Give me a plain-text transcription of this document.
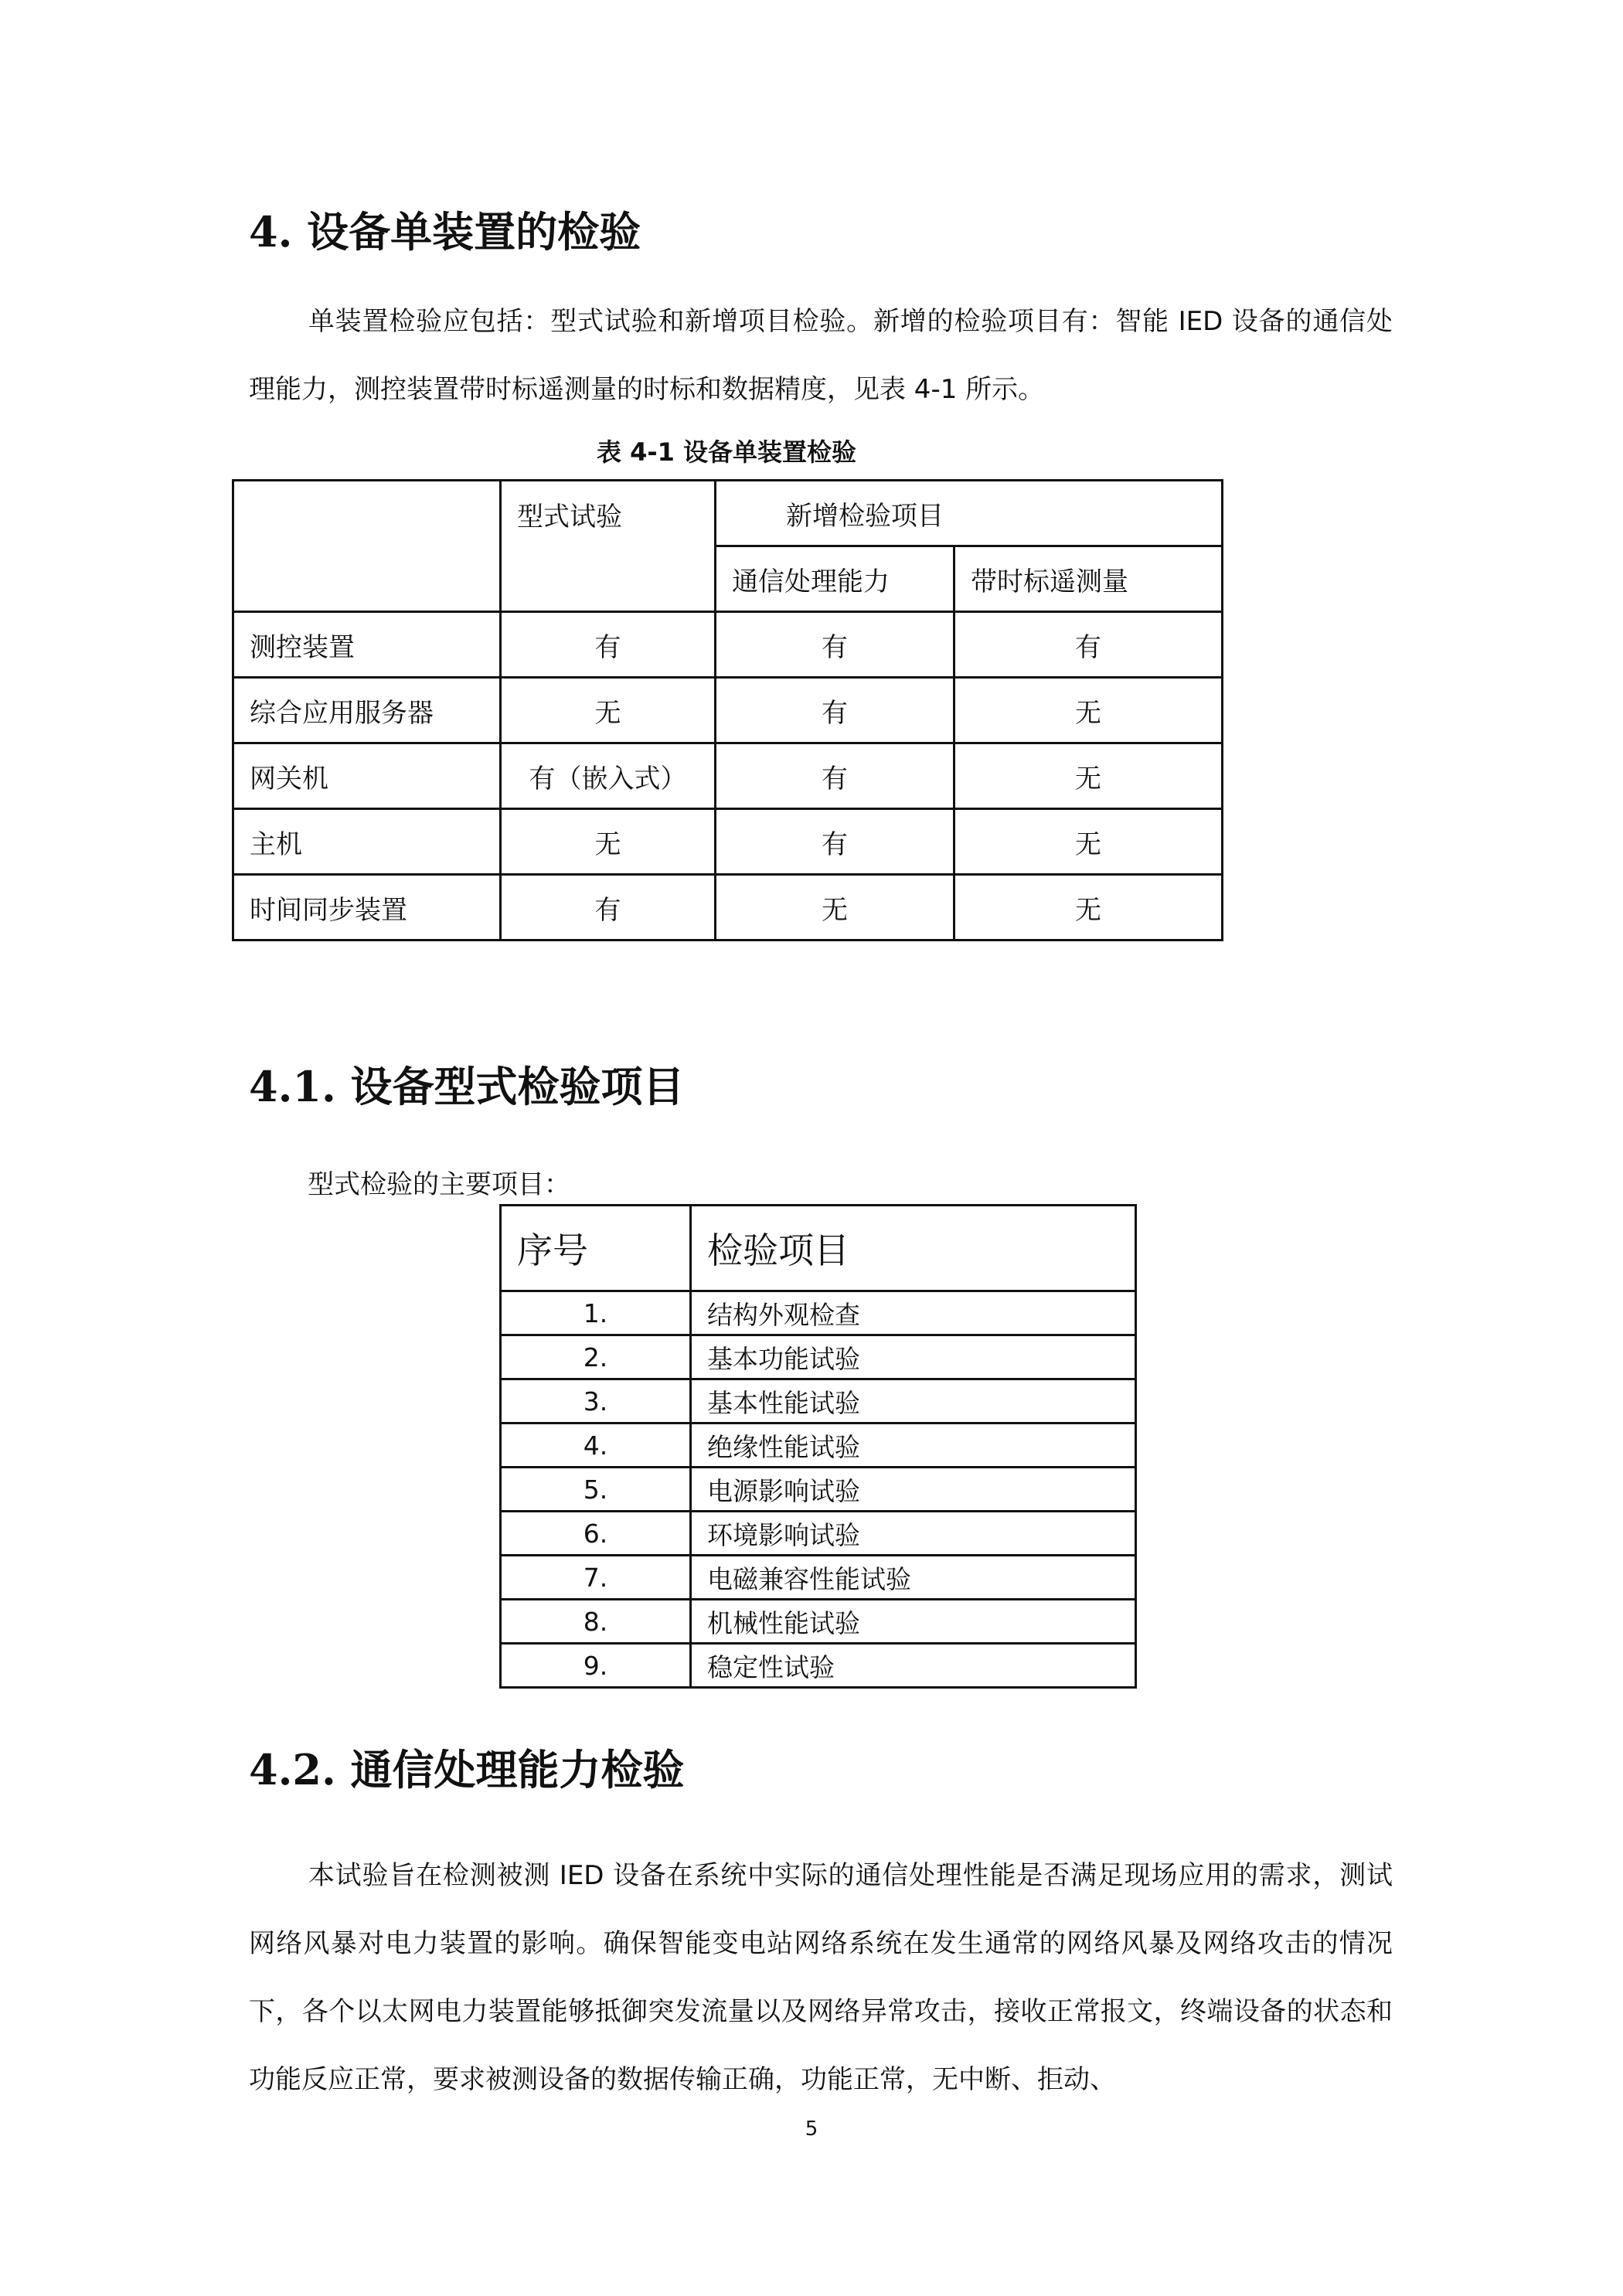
4. 设备单装置的检验
单装置检验应包括：型式试验和新增项目检验。新增的检验项目有：智能 IED 设备的通信处理能力，测控装置带时标遥测量的时标和数据精度，见表 4-1 所示。
表 4-1 设备单装置检验
	型式试验	新增检验项目	
		通信处理能力	带时标遥测量
测控装置	有	有	有
综合应用服务器	无	有	无
网关机	有（嵌入式）	有	无
主机	无	有	无
时间同步装置	有	无	无
4.1. 设备型式检验项目
型式检验的主要项目：
序号	检验项目
1.	结构外观检查
2.	基本功能试验
3.	基本性能试验
4.	绝缘性能试验
5.	电源影响试验
6.	环境影响试验
7.	电磁兼容性能试验
8.	机械性能试验
9.	稳定性试验
4.2. 通信处理能力检验
本试验旨在检测被测 IED 设备在系统中实际的通信处理性能是否满足现场应用的需求，测试网络风暴对电力装置的影响。确保智能变电站网络系统在发生通常的网络风暴及网络攻击的情况下，各个以太网电力装置能够抵御突发流量以及网络异常攻击，接收正常报文，终端设备的状态和功能反应正常，要求被测设备的数据传输正确，功能正常，无中断、拒动、
5
